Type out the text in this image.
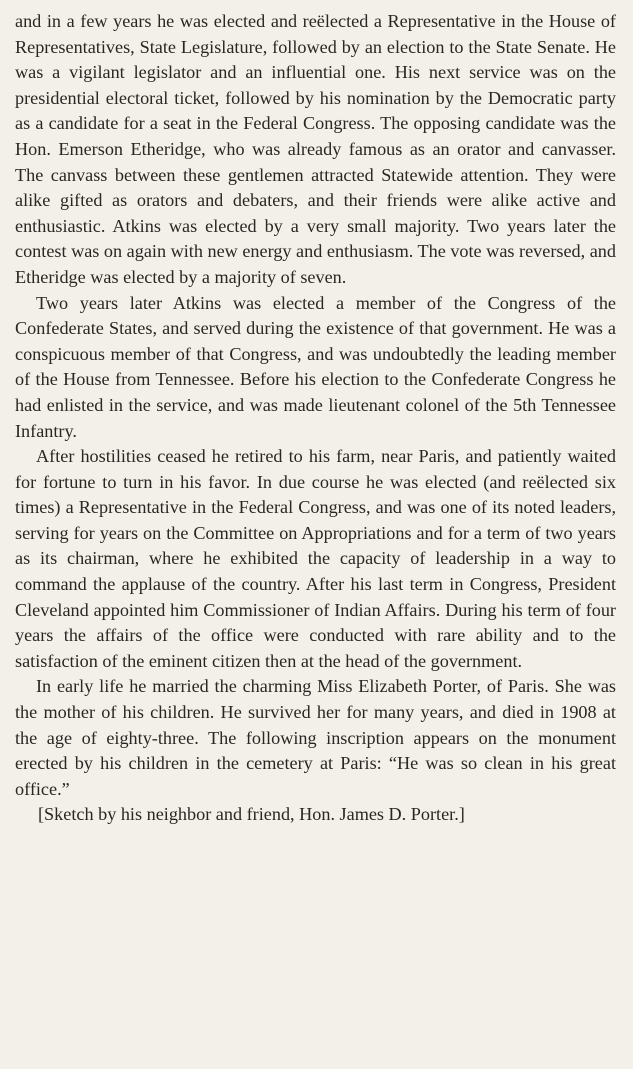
and in a few years he was elected and reëlected a Representative in the House of Representatives, State Legislature, followed by an election to the State Senate. He was a vigilant legislator and an influential one. His next service was on the presidential electoral ticket, followed by his nomination by the Democratic party as a candidate for a seat in the Federal Congress. The opposing candidate was the Hon. Emerson Etheridge, who was already famous as an orator and canvasser. The canvass between these gentlemen attracted Statewide attention. They were alike gifted as orators and debaters, and their friends were alike active and enthusiastic. Atkins was elected by a very small majority. Two years later the contest was on again with new energy and enthusiasm. The vote was reversed, and Etheridge was elected by a majority of seven.

Two years later Atkins was elected a member of the Congress of the Confederate States, and served during the existence of that government. He was a conspicuous member of that Congress, and was undoubtedly the leading member of the House from Tennessee. Before his election to the Confederate Congress he had enlisted in the service, and was made lieutenant colonel of the 5th Tennessee Infantry.

After hostilities ceased he retired to his farm, near Paris, and patiently waited for fortune to turn in his favor. In due course he was elected (and reëlected six times) a Representative in the Federal Congress, and was one of its noted leaders, serving for years on the Committee on Appropriations and for a term of two years as its chairman, where he exhibited the capacity of leadership in a way to command the applause of the country. After his last term in Congress, President Cleveland appointed him Commissioner of Indian Affairs. During his term of four years the affairs of the office were conducted with rare ability and to the satisfaction of the eminent citizen then at the head of the government.

In early life he married the charming Miss Elizabeth Porter, of Paris. She was the mother of his children. He survived her for many years, and died in 1908 at the age of eighty-three. The following inscription appears on the monument erected by his children in the cemetery at Paris: “He was so clean in his great office.”

[Sketch by his neighbor and friend, Hon. James D. Porter.]
